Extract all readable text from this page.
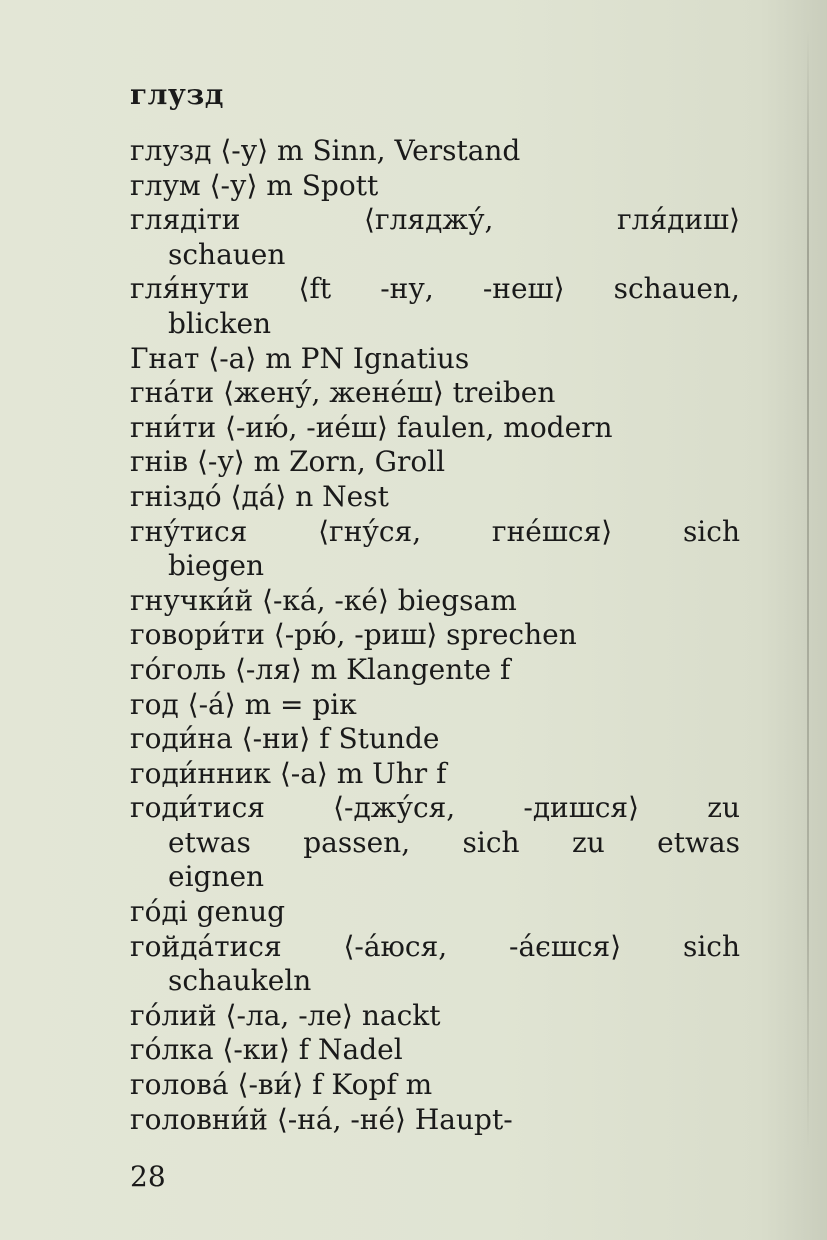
глузд
глузд ⟨-у⟩ m Sinn, Verstand
глум ⟨-у⟩ m Spott
глядіти	⟨гляджу́,	гля́диш⟩
schauen
гля́нути ⟨ft -ну, -неш⟩ schauen,
blicken
Гнат ⟨-а⟩ m PN Ignatius
гна́ти ⟨жену́, жене́ш⟩ treiben
гни́ти ⟨-ию́, -ие́ш⟩ faulen, modern
гнів ⟨-у⟩ m Zorn, Groll
гніздо́ ⟨да́⟩ n Nest
гну́тися	⟨гну́ся,	гне́шся⟩	sich
biegen
гнучки́й ⟨-ка́, -ке́⟩ biegsam
говори́ти ⟨-рю́, -риш⟩ sprechen
го́голь ⟨-ля⟩ m Klangente f
год ⟨-а́⟩ m = рік
годи́на ⟨-ни⟩ f Stunde
годи́нник ⟨-а⟩ m Uhr f
годи́тися ⟨-джу́ся, -дишся⟩ zu
etwas passen, sich zu etwas
eignen
го́ді genug
гойда́тися ⟨-а́юся, -а́єшся⟩ sich
schaukeln
го́лий ⟨-ла, -ле⟩ nackt
го́лка ⟨-ки⟩ f Nadel
голова́ ⟨-ви́⟩ f Kopf m
головни́й ⟨-на́, -не́⟩ Haupt-
28
